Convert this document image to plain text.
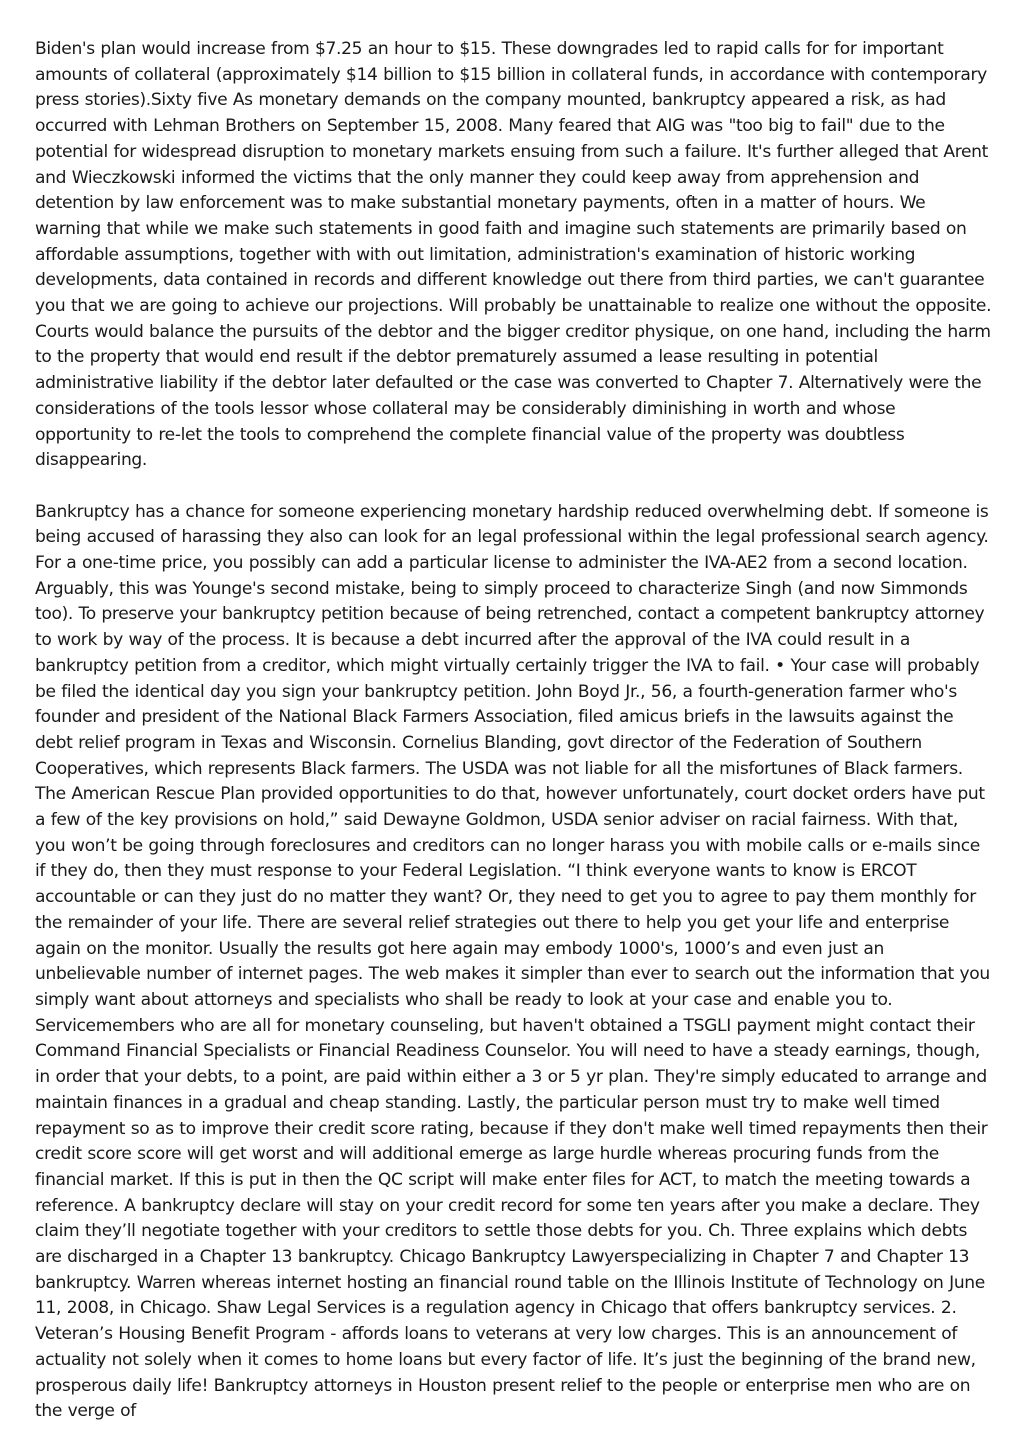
Biden's plan would increase from $7.25 an hour to $15. These downgrades led to rapid calls for for important amounts of collateral (approximately $14 billion to $15 billion in collateral funds, in accordance with contemporary press stories).Sixty five As monetary demands on the company mounted, bankruptcy appeared a risk, as had occurred with Lehman Brothers on September 15, 2008. Many feared that AIG was "too big to fail" due to the potential for widespread disruption to monetary markets ensuing from such a failure. It's further alleged that Arent and Wieczkowski informed the victims that the only manner they could keep away from apprehension and detention by law enforcement was to make substantial monetary payments, often in a matter of hours. We warning that while we make such statements in good faith and imagine such statements are primarily based on affordable assumptions, together with with out limitation, administration's examination of historic working developments, data contained in records and different knowledge out there from third parties, we can't guarantee you that we are going to achieve our projections. Will probably be unattainable to realize one without the opposite. Courts would balance the pursuits of the debtor and the bigger creditor physique, on one hand, including the harm to the property that would end result if the debtor prematurely assumed a lease resulting in potential administrative liability if the debtor later defaulted or the case was converted to Chapter 7. Alternatively were the considerations of the tools lessor whose collateral may be considerably diminishing in worth and whose opportunity to re-let the tools to comprehend the complete financial value of the property was doubtless disappearing.

Bankruptcy has a chance for someone experiencing monetary hardship reduced overwhelming debt. If someone is being accused of harassing they also can look for an legal professional within the legal professional search agency. For a one-time price, you possibly can add a particular license to administer the IVA-AE2 from a second location. Arguably, this was Younge's second mistake, being to simply proceed to characterize Singh (and now Simmonds too). To preserve your bankruptcy petition because of being retrenched, contact a competent bankruptcy attorney to work by way of the process. It is because a debt incurred after the approval of the IVA could result in a bankruptcy petition from a creditor, which might virtually certainly trigger the IVA to fail. • Your case will probably be filed the identical day you sign your bankruptcy petition. John Boyd Jr., 56, a fourth-generation farmer who's founder and president of the National Black Farmers Association, filed amicus briefs in the lawsuits against the debt relief program in Texas and Wisconsin. Cornelius Blanding, govt director of the Federation of Southern Cooperatives, which represents Black farmers. The USDA was not liable for all the misfortunes of Black farmers. The American Rescue Plan provided opportunities to do that, however unfortunately, court docket orders have put a few of the key provisions on hold,” said Dewayne Goldmon, USDA senior adviser on racial fairness. With that, you won’t be going through foreclosures and creditors can no longer harass you with mobile calls or e-mails since if they do, then they must response to your Federal Legislation. “I think everyone wants to know is ERCOT accountable or can they just do no matter they want? Or, they need to get you to agree to pay them monthly for the remainder of your life. There are several relief strategies out there to help you get your life and enterprise again on the monitor. Usually the results got here again may embody 1000's, 1000’s and even just an unbelievable number of internet pages. The web makes it simpler than ever to search out the information that you simply want about attorneys and specialists who shall be ready to look at your case and enable you to. Servicemembers who are all for monetary counseling, but haven't obtained a TSGLI payment might contact their Command Financial Specialists or Financial Readiness Counselor. You will need to have a steady earnings, though, in order that your debts, to a point, are paid within either a 3 or 5 yr plan. They're simply educated to arrange and maintain finances in a gradual and cheap standing. Lastly, the particular person must try to make well timed repayment so as to improve their credit score rating, because if they don't make well timed repayments then their credit score score will get worst and will additional emerge as large hurdle whereas procuring funds from the financial market. If this is put in then the QC script will make enter files for ACT, to match the meeting towards a reference. A bankruptcy declare will stay on your credit record for some ten years after you make a declare. They claim they’ll negotiate together with your creditors to settle those debts for you. Ch. Three explains which debts are discharged in a Chapter 13 bankruptcy. Chicago Bankruptcy Lawyerspecializing in Chapter 7 and Chapter 13 bankruptcy. Warren whereas internet hosting an financial round table on the Illinois Institute of Technology on June 11, 2008, in Chicago. Shaw Legal Services is a regulation agency in Chicago that offers bankruptcy services. 2. Veteran’s Housing Benefit Program - affords loans to veterans at very low charges. This is an announcement of actuality not solely when it comes to home loans but every factor of life. It’s just the beginning of the brand new, prosperous daily life! Bankruptcy attorneys in Houston present relief to the people or enterprise men who are on the verge of
